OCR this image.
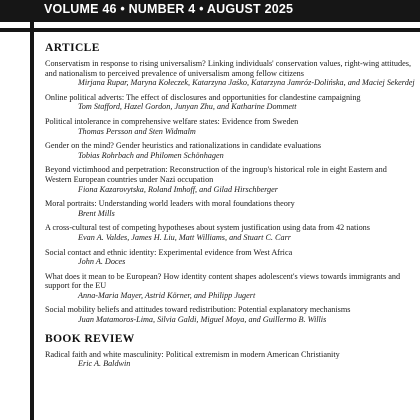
VOLUME 46 • NUMBER 4 • AUGUST 2025
ARTICLE
Conservatism in response to rising universalism? Linking individuals' conservation values, right-wing attitudes, and nationalism to perceived prevalence of universalism among fellow citizens
Mirjana Rupar, Maryna Kołeczek, Katarzyna Jaśko, Katarzyna Jamróz-Dolińska, and Maciej Sekerdej
Online political adverts: The effect of disclosures and opportunities for clandestine campaigning
Tom Stafford, Hazel Gordon, Junyan Zhu, and Katharine Dommett
Political intolerance in comprehensive welfare states: Evidence from Sweden
Thomas Persson and Sten Widmalm
Gender on the mind? Gender heuristics and rationalizations in candidate evaluations
Tobias Rohrbach and Philomen Schönhagen
Beyond victimhood and perpetration: Reconstruction of the ingroup's historical role in eight Eastern and Western European countries under Nazi occupation
Fiona Kazarovytska, Roland Imhoff, and Gilad Hirschberger
Moral portraits: Understanding world leaders with moral foundations theory
Brent Mills
A cross-cultural test of competing hypotheses about system justification using data from 42 nations
Evan A. Valdes, James H. Liu, Matt Williams, and Stuart C. Carr
Social contact and ethnic identity: Experimental evidence from West Africa
John A. Doces
What does it mean to be European? How identity content shapes adolescent's views towards immigrants and support for the EU
Anna-Maria Mayer, Astrid Körner, and Philipp Jugert
Social mobility beliefs and attitudes toward redistribution: Potential explanatory mechanisms
Juan Matamoros-Lima, Silvia Galdi, Miguel Moya, and Guillermo B. Willis
BOOK REVIEW
Radical faith and white masculinity: Political extremism in modern American Christianity
Eric A. Baldwin
